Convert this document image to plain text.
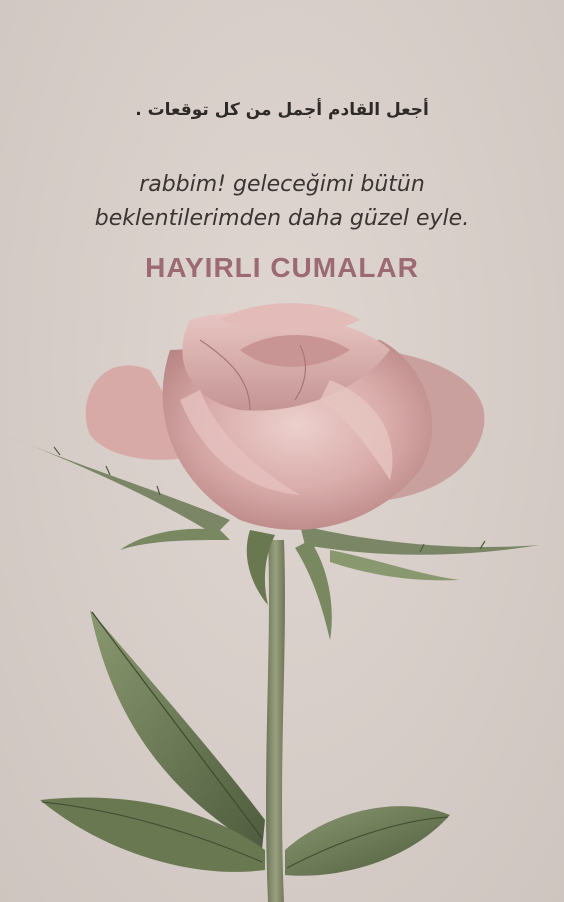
أجعل القادم أجمل من كل توقعات .
rabbim! geleceğimi bütün
beklentilerimden daha güzel eyle.
HAYIRLI CUMALAR
